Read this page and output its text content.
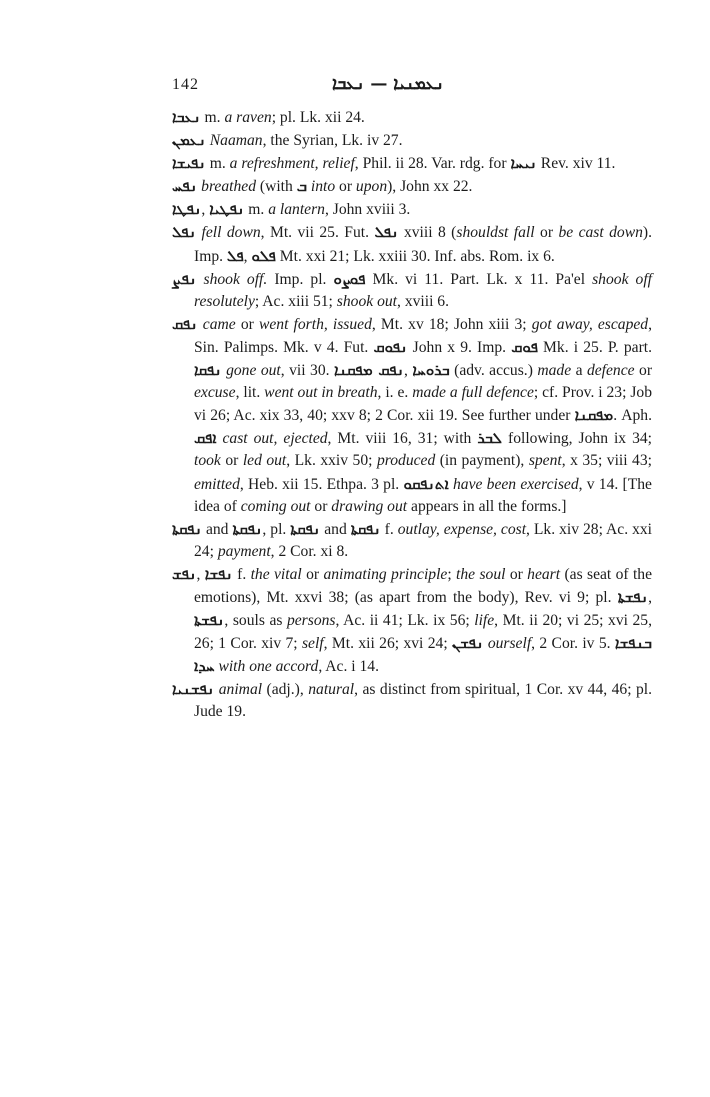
142	ܢܥܡܢܝܐ — ܢܥܒܐ

ܢܥܒܐ m. a raven; pl. Lk. xii 24.

ܢܥܡܢ Naaman, the Syrian, Lk. iv 27.

ܢܦܝܫܐ m. a refreshment, relief, Phil. ii 28. Var. rdg. for ܢܝܚܐ Rev. xiv 11.

ܢܦܚ breathed (with ܒ into or upon), John xx 22.

ܢܦܛܐ, ܢܦܛܝܐ m. a lantern, John xviii 3.

ܢܦܠ fell down, Mt. vii 25. Fut. ܢܦܠ xviii 8 (shouldst fall or be cast down). Imp. ܦܠ, ܦܠܘ Mt. xxi 21; Lk. xxiii 30. Inf. abs. Rom. ix 6.

ܢܦܨ shook off. Imp. pl. ܦܘܨܘ Mk. vi 11. Part. Lk. x 11. Pa'el shook off resolutely; Ac. xiii 51; shook out, xviii 6.

ܢܦܩ came or went forth, issued, Mt. xv 18; John xiii 3; got away, escaped, Sin. Palimps. Mk. v 4. Fut. ܢܦܘܩ John x 9. Imp. ܦܘܩ Mk. i 25. P. part. ܢܦܩܐ gone out, vii 30. ܢܦܩ ܡܦܩܢܐ, ܒܪܘܚܐ (adv. accus.) made a defence or excuse, lit. went out in breath, i. e. made a full defence; cf. Prov. i 23; Job vi 26; Ac. xix 33, 40; xxv 8; 2 Cor. xii 19. See further under ܡܦܩܢܐ. Aph. ܐܦܩ cast out, ejected, Mt. viii 16, 31; with ܠܒܪ following, John ix 34; took or led out, Lk. xxiv 50; produced (in payment), spent, x 35; viii 43; emitted, Heb. xii 15. Ethpa. 3 pl. ܐܬܢܦܩܘ have been exercised, v 14. [The idea of coming out or drawing out appears in all the forms.]

ܢܦܩܬܐ and ܢܦܩܬܐ, pl. ܢܦܩܬܐ and ܢܦܩܬܐ f. outlay, expense, cost, Lk. xiv 28; Ac. xxi 24; payment, 2 Cor. xi 8.

ܢܦܫ, ܢܦܫܐ f. the vital or animating principle; the soul or heart (as seat of the emotions), Mt. xxvi 38; (as apart from the body), Rev. vi 9; pl. ܢܦܫܬܐ, ܢܦܫܬܐ, souls as persons, Ac. ii 41; Lk. ix 56; life, Mt. ii 20; vi 25; xvi 25, 26; 1 Cor. xiv 7; self, Mt. xii 26; xvi 24; ܢܦܫܢ ourself, 2 Cor. iv 5. ܒܢܦܫܐ ܚܕܐ with one accord, Ac. i 14.

ܢܦܫܢܝܐ animal (adj.), natural, as distinct from spiritual, 1 Cor. xv 44, 46; pl. Jude 19.
